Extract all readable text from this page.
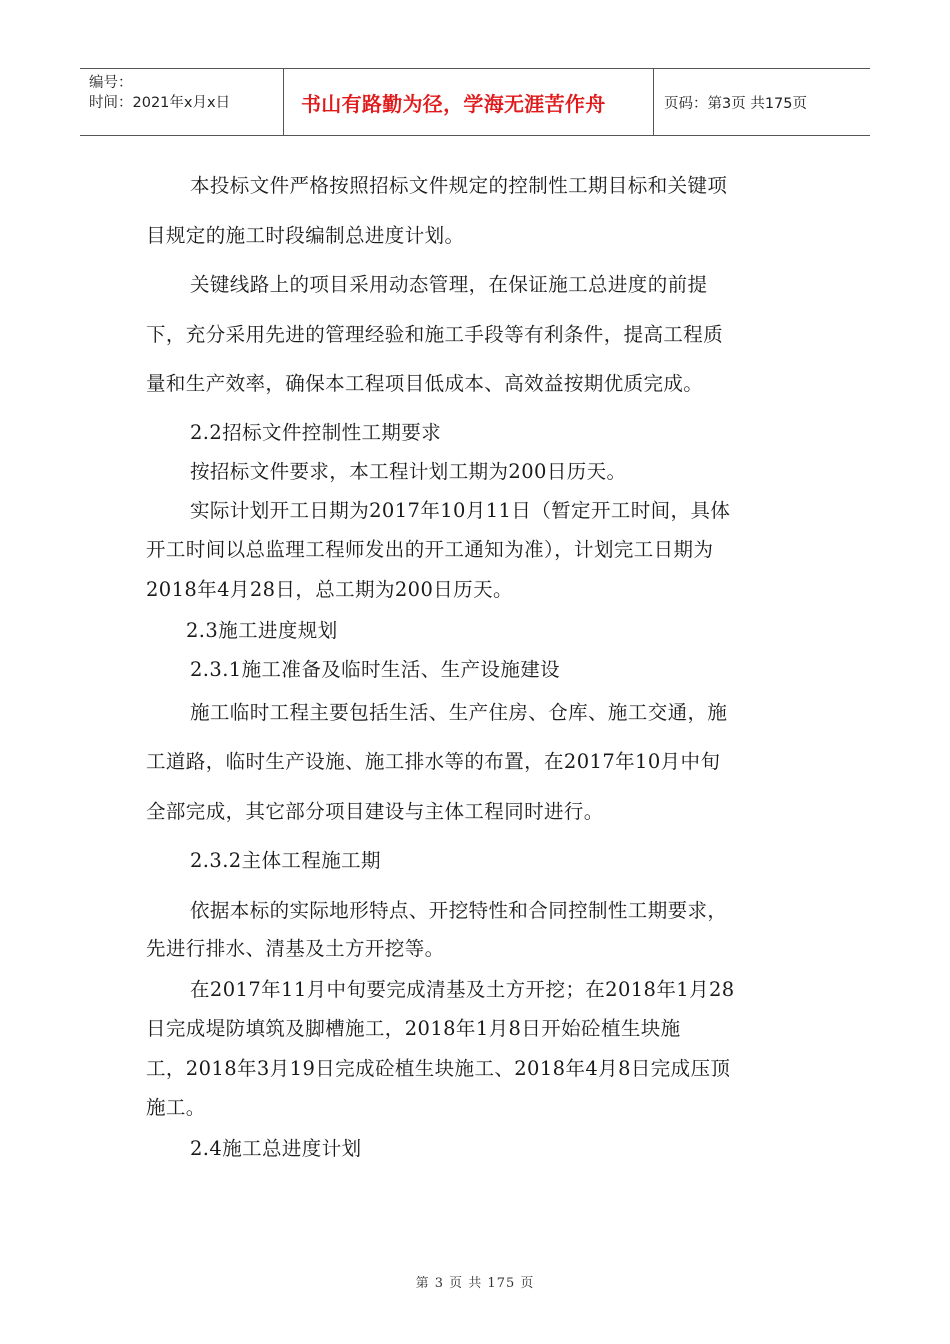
编号：
时间：2021年x月x日	书山有路勤为径，学海无涯苦作舟	页码：第3页 共175页
本投标文件严格按照招标文件规定的控制性工期目标和关键项
目规定的施工时段编制总进度计划。
关键线路上的项目采用动态管理，在保证施工总进度的前提
下，充分采用先进的管理经验和施工手段等有利条件，提高工程质
量和生产效率，确保本工程项目低成本、高效益按期优质完成。
2.2招标文件控制性工期要求
按招标文件要求，本工程计划工期为200日历天。
实际计划开工日期为2017年10月11日（暂定开工时间，具体
开工时间以总监理工程师发出的开工通知为准），计划完工日期为
2018年4月28日，总工期为200日历天。
2.3施工进度规划
2.3.1施工准备及临时生活、生产设施建设
施工临时工程主要包括生活、生产住房、仓库、施工交通，施
工道路，临时生产设施、施工排水等的布置，在2017年10月中旬
全部完成，其它部分项目建设与主体工程同时进行。
2.3.2主体工程施工期
依据本标的实际地形特点、开挖特性和合同控制性工期要求，
先进行排水、清基及土方开挖等。
在2017年11月中旬要完成清基及土方开挖；在2018年1月28
日完成堤防填筑及脚槽施工，2018年1月8日开始砼植生块施
工，2018年3月19日完成砼植生块施工、2018年4月8日完成压顶
施工。
2.4施工总进度计划
第 3 页 共 175 页
